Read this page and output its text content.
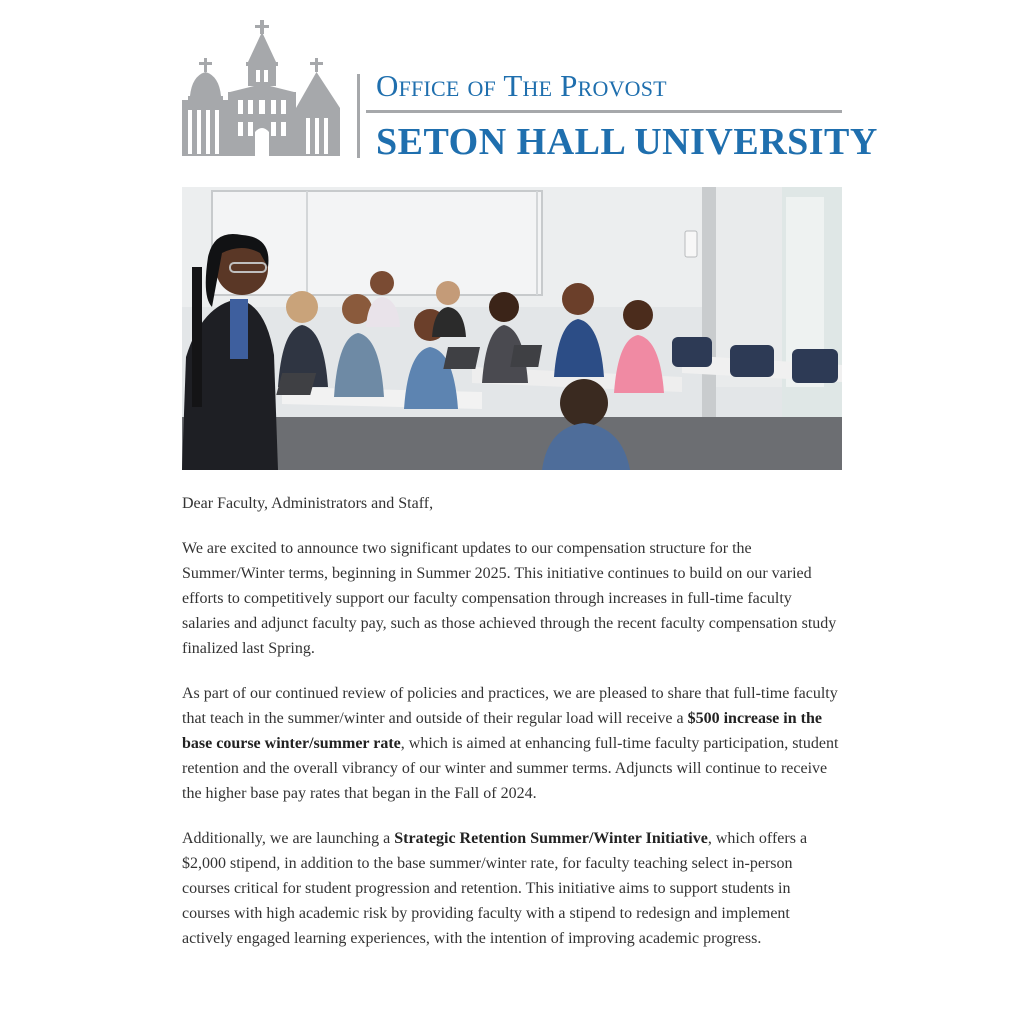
Office of The Provost
SETON HALL UNIVERSITY

Dear Faculty, Administrators and Staff,

We are excited to announce two significant updates to our compensation structure for the Summer/Winter terms, beginning in Summer 2025. This initiative continues to build on our varied efforts to competitively support our faculty compensation through increases in full-time faculty salaries and adjunct faculty pay, such as those achieved through the recent faculty compensation study finalized last Spring.

As part of our continued review of policies and practices, we are pleased to share that full-time faculty that teach in the summer/winter and outside of their regular load will receive a $500 increase in the base course winter/summer rate, which is aimed at enhancing full-time faculty participation, student retention and the overall vibrancy of our winter and summer terms. Adjuncts will continue to receive the higher base pay rates that began in the Fall of 2024.

Additionally, we are launching a Strategic Retention Summer/Winter Initiative, which offers a $2,000 stipend, in addition to the base summer/winter rate, for faculty teaching select in-person courses critical for student progression and retention. This initiative aims to support students in courses with high academic risk by providing faculty with a stipend to redesign and implement actively engaged learning experiences, with the intention of improving academic progress.
